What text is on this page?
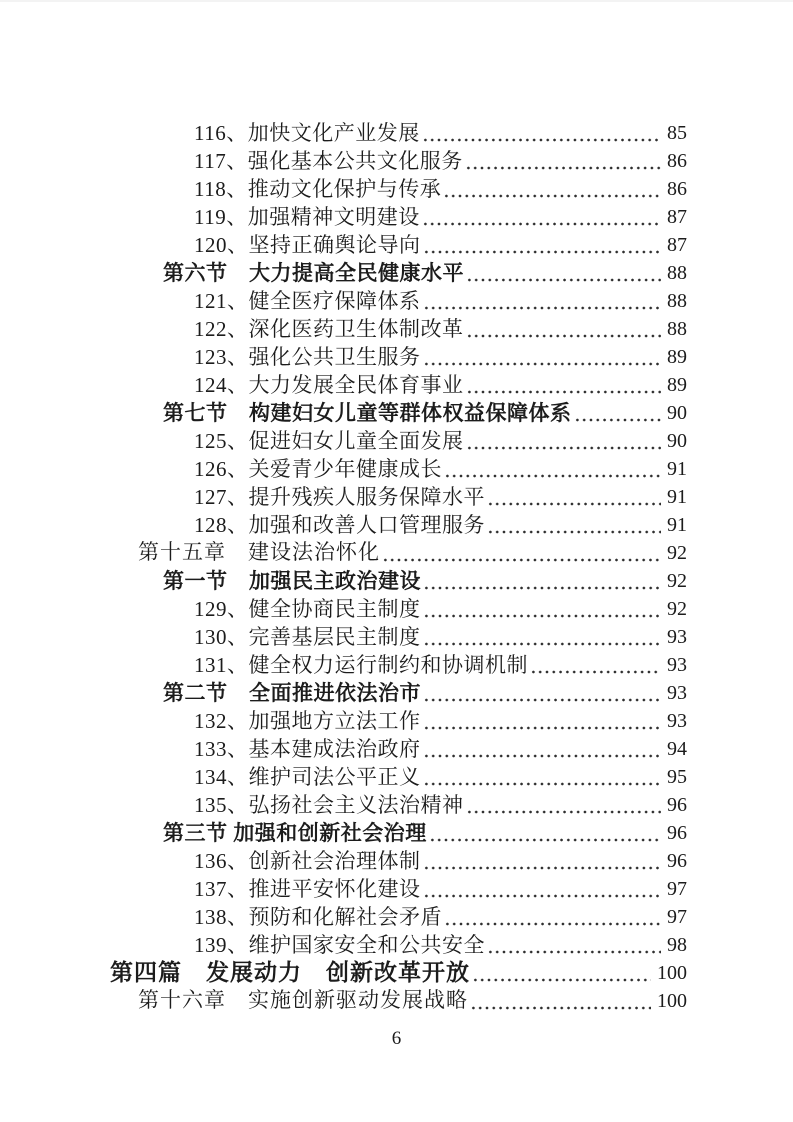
116、加快文化产业发展	85
117、强化基本公共文化服务	86
118、推动文化保护与传承	86
119、加强精神文明建设	87
120、坚持正确舆论导向	87
第六节　大力提高全民健康水平	88
121、健全医疗保障体系	88
122、深化医药卫生体制改革	88
123、强化公共卫生服务	89
124、大力发展全民体育事业	89
第七节　构建妇女儿童等群体权益保障体系	90
125、促进妇女儿童全面发展	90
126、关爱青少年健康成长	91
127、提升残疾人服务保障水平	91
128、加强和改善人口管理服务	91
第十五章　建设法治怀化	92
第一节　加强民主政治建设	92
129、健全协商民主制度	92
130、完善基层民主制度	93
131、健全权力运行制约和协调机制	93
第二节　全面推进依法治市	93
132、加强地方立法工作	93
133、基本建成法治政府	94
134、维护司法公平正义	95
135、弘扬社会主义法治精神	96
第三节 加强和创新社会治理	96
136、创新社会治理体制	96
137、推进平安怀化建设	97
138、预防和化解社会矛盾	97
139、维护国家安全和公共安全	98
第四篇　发展动力　创新改革开放	100
第十六章　实施创新驱动发展战略	100
6
